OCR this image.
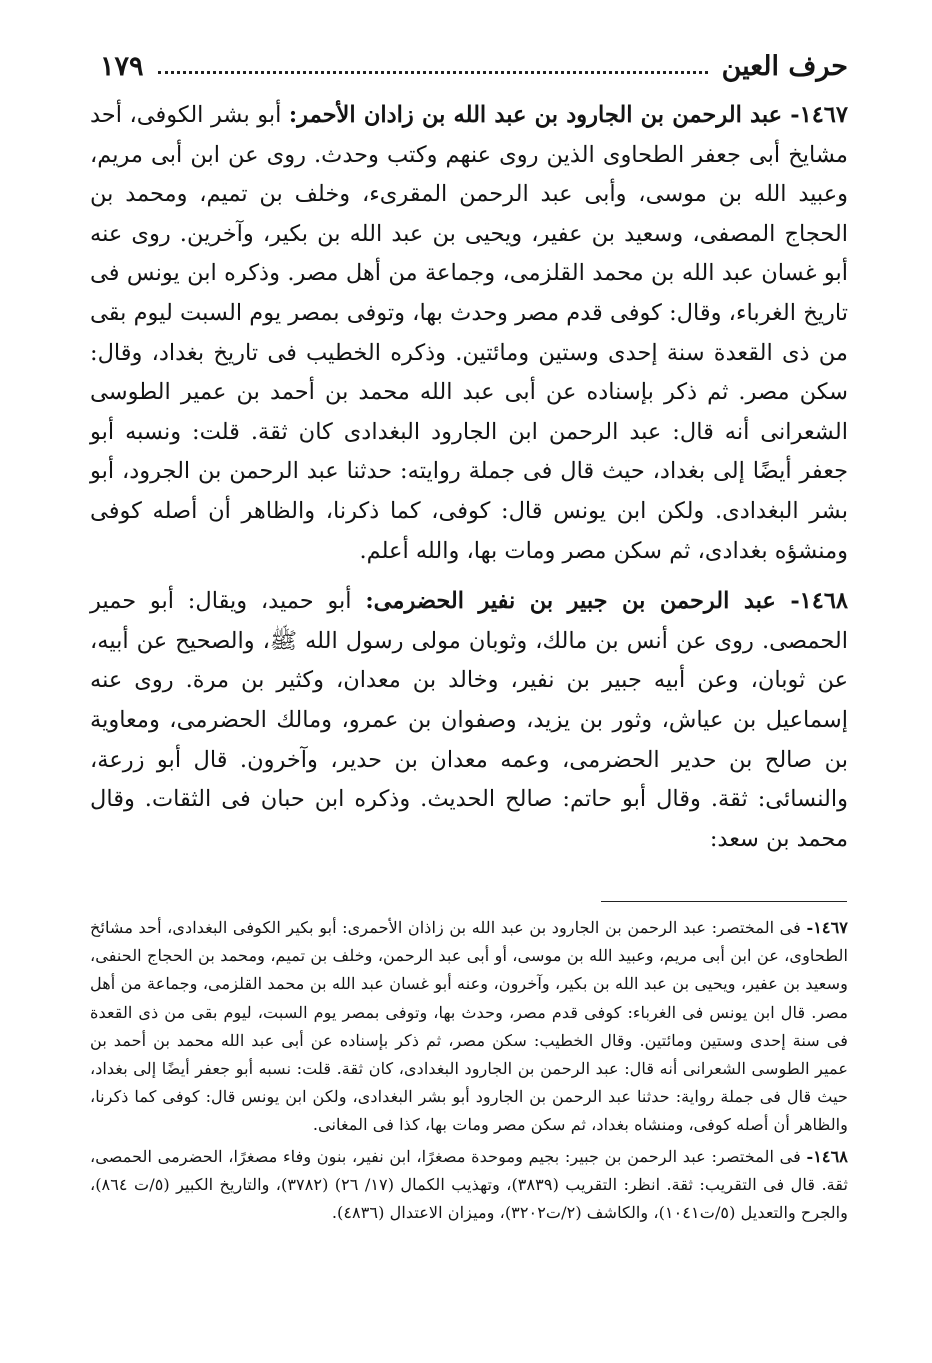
حرف العين
١٧٩

١٤٦٧- عبد الرحمن بن الجارود بن عبد الله بن زادان الأحمر: أبو بشر الكوفى، أحد مشايخ أبى جعفر الطحاوى الذين روى عنهم وكتب وحدث. روى عن ابن أبى مريم، وعبيد الله بن موسى، وأبى عبد الرحمن المقرىء، وخلف بن تميم، ومحمد بن الحجاج المصفى، وسعيد بن عفير، ويحيى بن عبد الله بن بكير، وآخرين. روى عنه أبو غسان عبد الله بن محمد القلزمى، وجماعة من أهل مصر. وذكره ابن يونس فى تاريخ الغرباء، وقال: كوفى قدم مصر وحدث بها، وتوفى بمصر يوم السبت ليوم بقى من ذى القعدة سنة إحدى وستين ومائتين. وذكره الخطيب فى تاريخ بغداد، وقال: سكن مصر. ثم ذكر بإسناده عن أبى عبد الله محمد بن أحمد بن عمير الطوسى الشعرانى أنه قال: عبد الرحمن ابن الجارود البغدادى كان ثقة. قلت: ونسبه أبو جعفر أيضًا إلى بغداد، حيث قال فى جملة روايته: حدثنا عبد الرحمن بن الجرود، أبو بشر البغدادى. ولكن ابن يونس قال: كوفى، كما ذكرنا، والظاهر أن أصله كوفى ومنشؤه بغدادى، ثم سكن مصر ومات بها، والله أعلم.

١٤٦٨- عبد الرحمن بن جبير بن نفير الحضرمى: أبو حميد، ويقال: أبو حمير الحمصى. روى عن أنس بن مالك، وثوبان مولى رسول الله ﷺ، والصحيح عن أبيه، عن ثوبان، وعن أبيه جبير بن نفير، وخالد بن معدان، وكثير بن مرة. روى عنه إسماعيل بن عياش، وثور بن يزيد، وصفوان بن عمرو، ومالك الحضرمى، ومعاوية بن صالح بن حدير الحضرمى، وعمه معدان بن حدير، وآخرون. قال أبو زرعة، والنسائى: ثقة. وقال أبو حاتم: صالح الحديث. وذكره ابن حبان فى الثقات. وقال محمد بن سعد:

١٤٦٧- فى المختصر: عبد الرحمن بن الجارود بن عبد الله بن زاذان الأحمرى: أبو بكير الكوفى البغدادى، أحد مشائخ الطحاوى، عن ابن أبى مريم، وعبيد الله بن موسى، أو أبى عبد الرحمن، وخلف بن تميم، ومحمد بن الحجاج الحنفى، وسعيد بن عفير، ويحيى بن عبد الله بن بكير، وآخرون، وعنه أبو غسان عبد الله بن محمد القلزمى، وجماعة من أهل مصر. قال ابن يونس فى الغرباء: كوفى قدم مصر، وحدث بها، وتوفى بمصر يوم السبت، ليوم بقى من ذى القعدة فى سنة إحدى وستين ومائتين. وقال الخطيب: سكن مصر، ثم ذكر بإسناده عن أبى عبد الله محمد بن أحمد بن عمير الطوسى الشعرانى أنه قال: عبد الرحمن بن الجارود البغدادى، كان ثقة. قلت: نسبه أبو جعفر أيضًا إلى بغداد، حيث قال فى جملة رواية: حدثنا عبد الرحمن بن الجارود أبو بشر البغدادى، ولكن ابن يونس قال: كوفى كما ذكرنا، والظاهر أن أصله كوفى، ومنشاه بغداد، ثم سكن مصر ومات بها، كذا فى المغانى.

١٤٦٨- فى المختصر: عبد الرحمن بن جبير: بجيم وموحدة مصغرًا، ابن نفير، بنون وفاء مصغرًا، الحضرمى الحمصى، ثقة. قال فى التقريب: ثقة. انظر: التقريب (٣٨٣٩)، وتهذيب الكمال (١٧/ ٢٦) (٣٧٨٢)، والتاريخ الكبير (٥/ت ٨٦٤)، والجرح والتعديل (٥/ت١٠٤١)، والكاشف (٢/ت٣٢٠٢)، وميزان الاعتدال (٤٨٣٦).
